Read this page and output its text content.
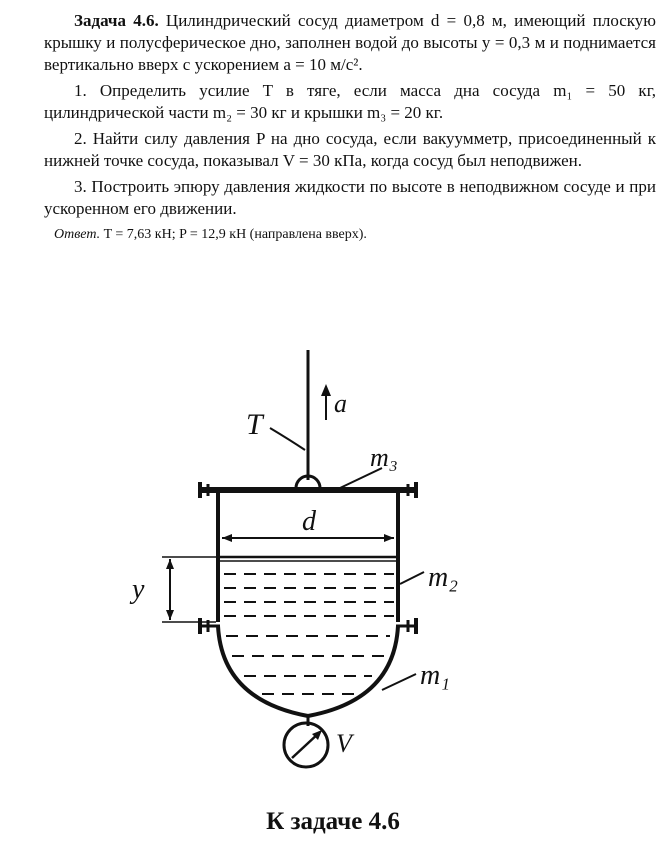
Задача 4.6. Цилиндрический сосуд диаметром d = 0,8 м, имеющий плоскую крышку и полусферическое дно, заполнен водой до высоты y = 0,3 м и поднимается вертикально вверх с ускорением a = 10 м/с².

1. Определить усилие T в тяге, если масса дна сосуда m₁ = 50 кг, цилиндрической части m₂ = 30 кг и крышки m₃ = 20 кг.

2. Найти силу давления P на дно сосуда, если вакуумметр, присоединенный к нижней точке сосуда, показывал V = 30 кПа, когда сосуд был неподвижен.

3. Построить эпюру давления жидкости по высоте в неподвижном сосуде и при ускоренном его движении.

Ответ. T = 7,63 кН; P = 12,9 кН (направлена вверх).
a
T
m₃
d
y	m₂
m₁
V
К задаче 4.6
